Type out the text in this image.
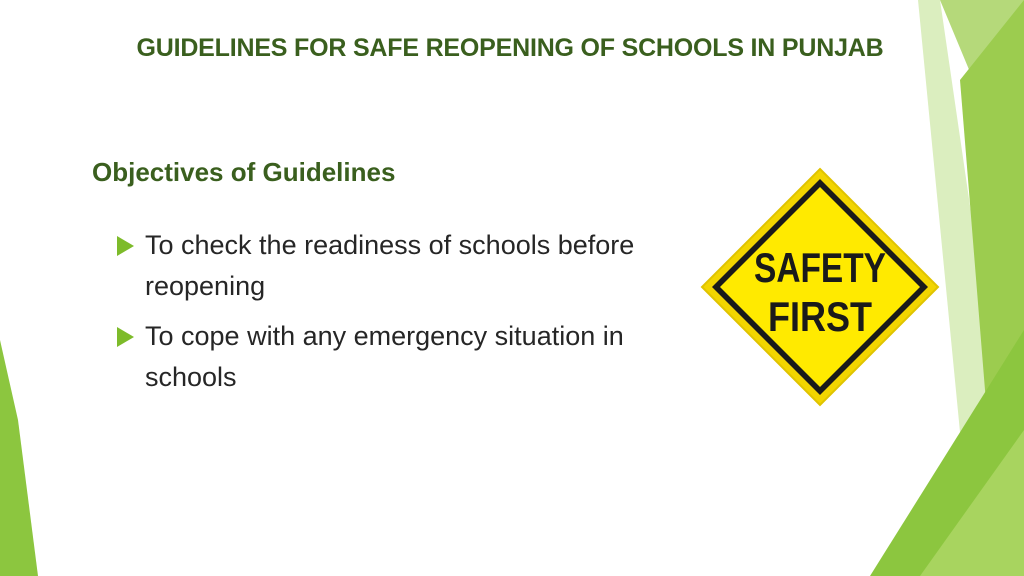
GUIDELINES FOR SAFE REOPENING OF SCHOOLS IN PUNJAB
Objectives of Guidelines
To check the readiness of schools before reopening
To cope with any emergency situation in schools
SAFETY
FIRST
